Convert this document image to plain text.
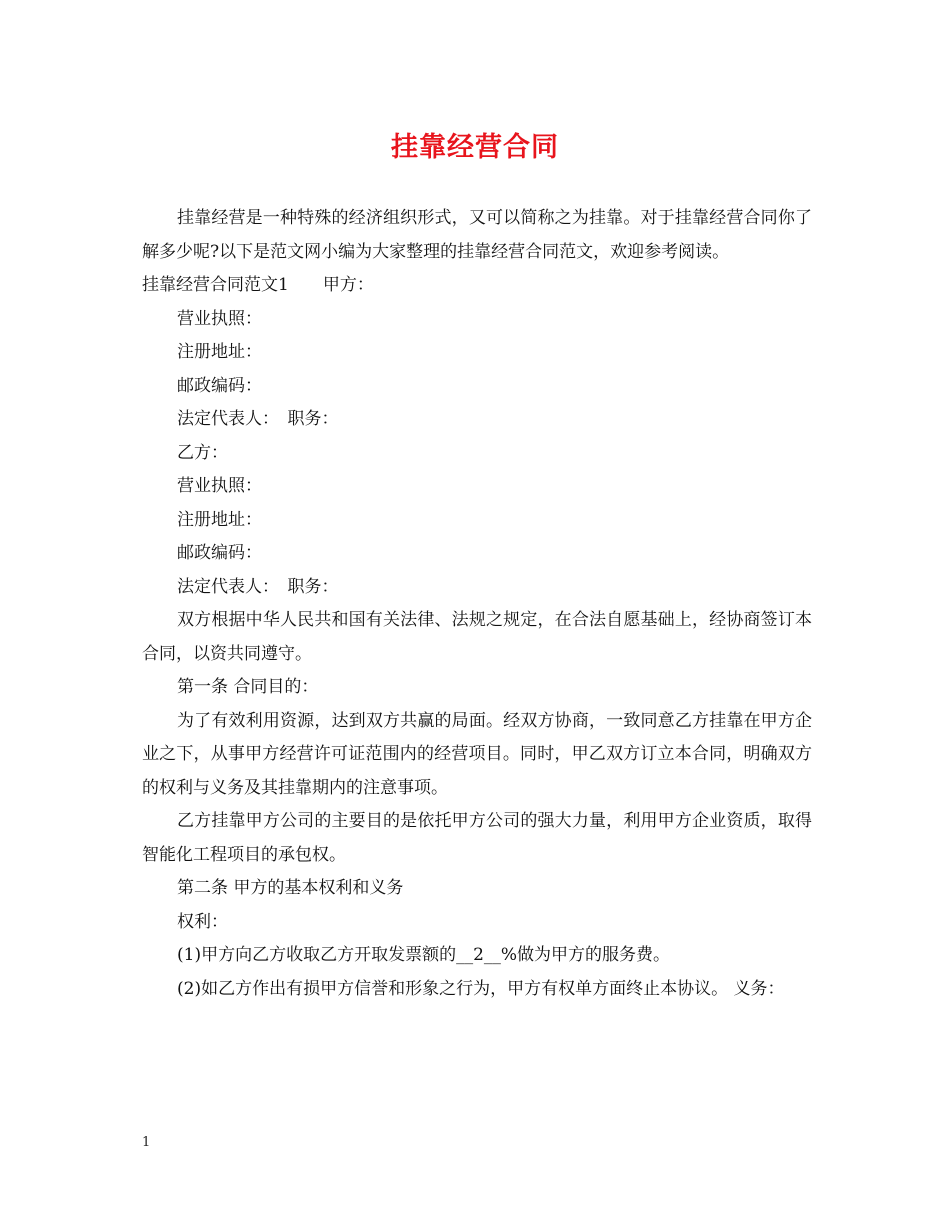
挂靠经营合同

挂靠经营是一种特殊的经济组织形式，又可以简称之为挂靠。对于挂靠经营合同你了解多少呢?以下是范文网小编为大家整理的挂靠经营合同范文，欢迎参考阅读。

挂靠经营合同范文1　　甲方：

营业执照：

注册地址：

邮政编码：

法定代表人：　职务：

乙方：

营业执照：

注册地址：

邮政编码：

法定代表人：　职务：

双方根据中华人民共和国有关法律、法规之规定，在合法自愿基础上，经协商签订本合同，以资共同遵守。

第一条 合同目的：

为了有效利用资源，达到双方共赢的局面。经双方协商，一致同意乙方挂靠在甲方企业之下，从事甲方经营许可证范围内的经营项目。同时，甲乙双方订立本合同，明确双方的权利与义务及其挂靠期内的注意事项。

乙方挂靠甲方公司的主要目的是依托甲方公司的强大力量，利用甲方企业资质，取得智能化工程项目的承包权。

第二条 甲方的基本权利和义务

权利：

(1)甲方向乙方收取乙方开取发票额的__2__%做为甲方的服务费。

(2)如乙方作出有损甲方信誉和形象之行为，甲方有权单方面终止本协议。 义务：

1
